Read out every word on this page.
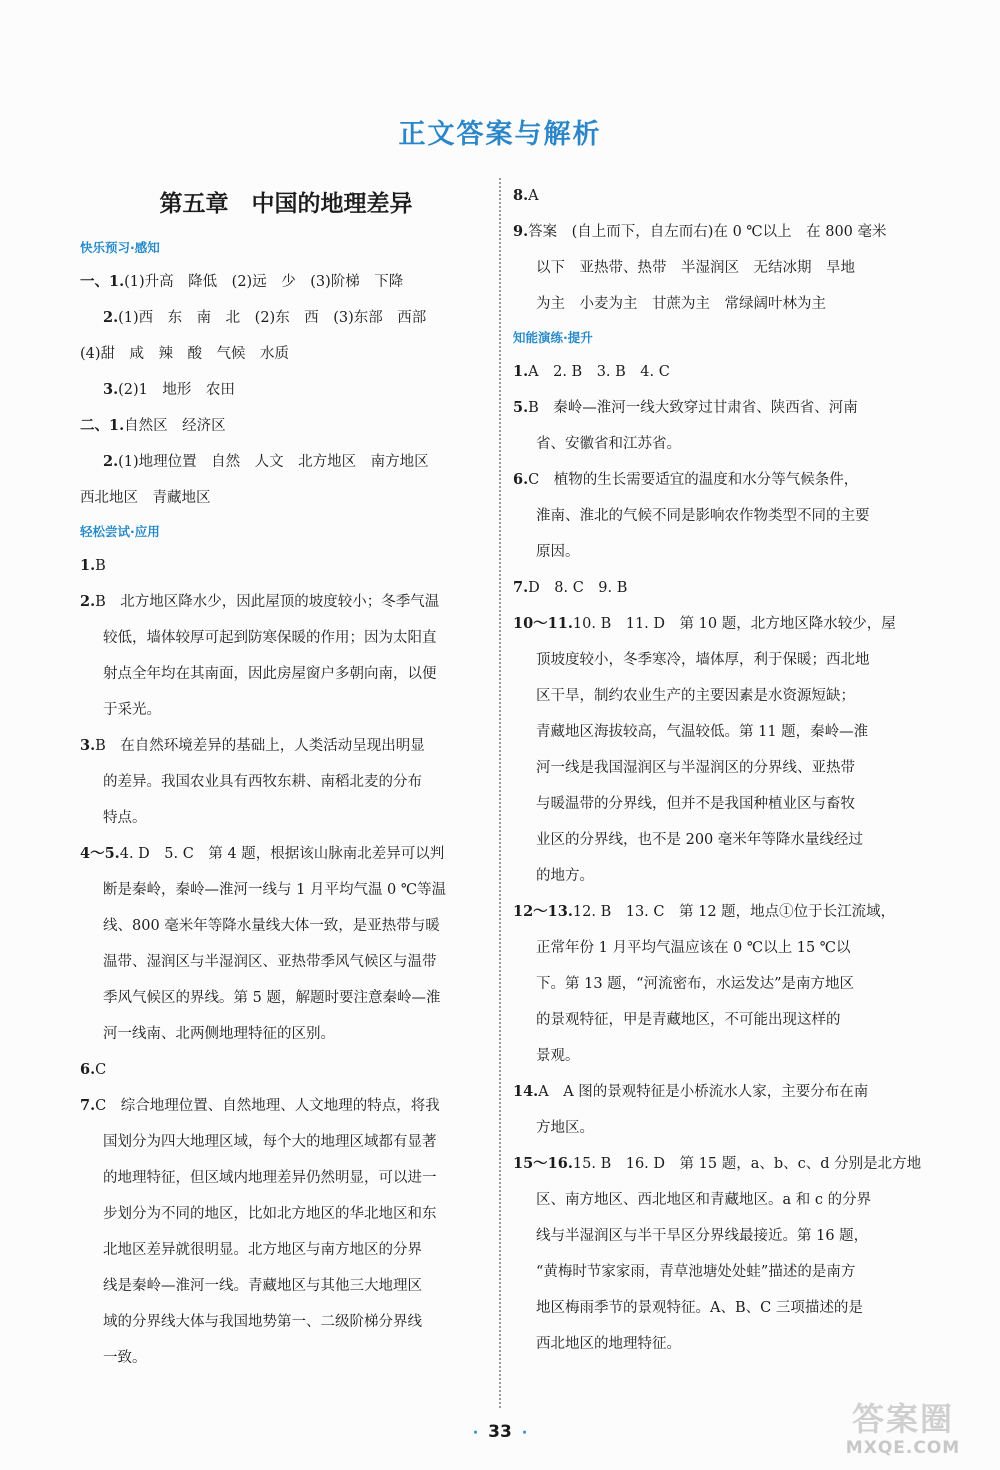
正文答案与解析
第五章　中国的地理差异
快乐预习·感知
一、1.(1)升高　降低　(2)远　少　(3)阶梯　下降
2.(1)西　东　南　北　(2)东　西　(3)东部　西部
(4)甜　咸　辣　酸　气候　水质
3.(2)1　地形　农田
二、1.自然区　经济区
2.(1)地理位置　自然　人文　北方地区　南方地区
西北地区　青藏地区
轻松尝试·应用
1.B
2.B　北方地区降水少，因此屋顶的坡度较小；冬季气温
较低，墙体较厚可起到防寒保暖的作用；因为太阳直
射点全年均在其南面，因此房屋窗户多朝向南，以便
于采光。
3.B　在自然环境差异的基础上，人类活动呈现出明显
的差异。我国农业具有西牧东耕、南稻北麦的分布
特点。
4～5.4. D　5. C　第 4 题，根据该山脉南北差异可以判
断是秦岭，秦岭—淮河一线与 1 月平均气温 0 ℃等温
线、800 毫米年等降水量线大体一致，是亚热带与暖
温带、湿润区与半湿润区、亚热带季风气候区与温带
季风气候区的界线。第 5 题，解题时要注意秦岭—淮
河一线南、北两侧地理特征的区别。
6.C
7.C　综合地理位置、自然地理、人文地理的特点，将我
国划分为四大地理区域，每个大的地理区域都有显著
的地理特征，但区域内地理差异仍然明显，可以进一
步划分为不同的地区，比如北方地区的华北地区和东
北地区差异就很明显。北方地区与南方地区的分界
线是秦岭—淮河一线。青藏地区与其他三大地理区
域的分界线大体与我国地势第一、二级阶梯分界线
一致。
8.A
9.答案　(自上而下，自左而右)在 0 ℃以上　在 800 毫米
以下　亚热带、热带　半湿润区　无结冰期　旱地
为主　小麦为主　甘蔗为主　常绿阔叶林为主
知能演练·提升
1.A　2. B　3. B　4. C
5.B　秦岭—淮河一线大致穿过甘肃省、陕西省、河南
省、安徽省和江苏省。
6.C　植物的生长需要适宜的温度和水分等气候条件，
淮南、淮北的气候不同是影响农作物类型不同的主要
原因。
7.D　8. C　9. B
10～11.10. B　11. D　第 10 题，北方地区降水较少，屋
顶坡度较小，冬季寒冷，墙体厚，利于保暖；西北地
区干旱，制约农业生产的主要因素是水资源短缺；
青藏地区海拔较高，气温较低。第 11 题，秦岭—淮
河一线是我国湿润区与半湿润区的分界线、亚热带
与暖温带的分界线，但并不是我国种植业区与畜牧
业区的分界线，也不是 200 毫米年等降水量线经过
的地方。
12～13.12. B　13. C　第 12 题，地点①位于长江流域，
正常年份 1 月平均气温应该在 0 ℃以上 15 ℃以
下。第 13 题，“河流密布，水运发达”是南方地区
的景观特征，甲是青藏地区，不可能出现这样的
景观。
14.A　A 图的景观特征是小桥流水人家，主要分布在南
方地区。
15～16.15. B　16. D　第 15 题，a、b、c、d 分别是北方地
区、南方地区、西北地区和青藏地区。a 和 c 的分界
线与半湿润区与半干旱区分界线最接近。第 16 题，
“黄梅时节家家雨，青草池塘处处蛙”描述的是南方
地区梅雨季节的景观特征。A、B、C 三项描述的是
西北地区的地理特征。
· 33 ·	答案圈
MXQE.COM
